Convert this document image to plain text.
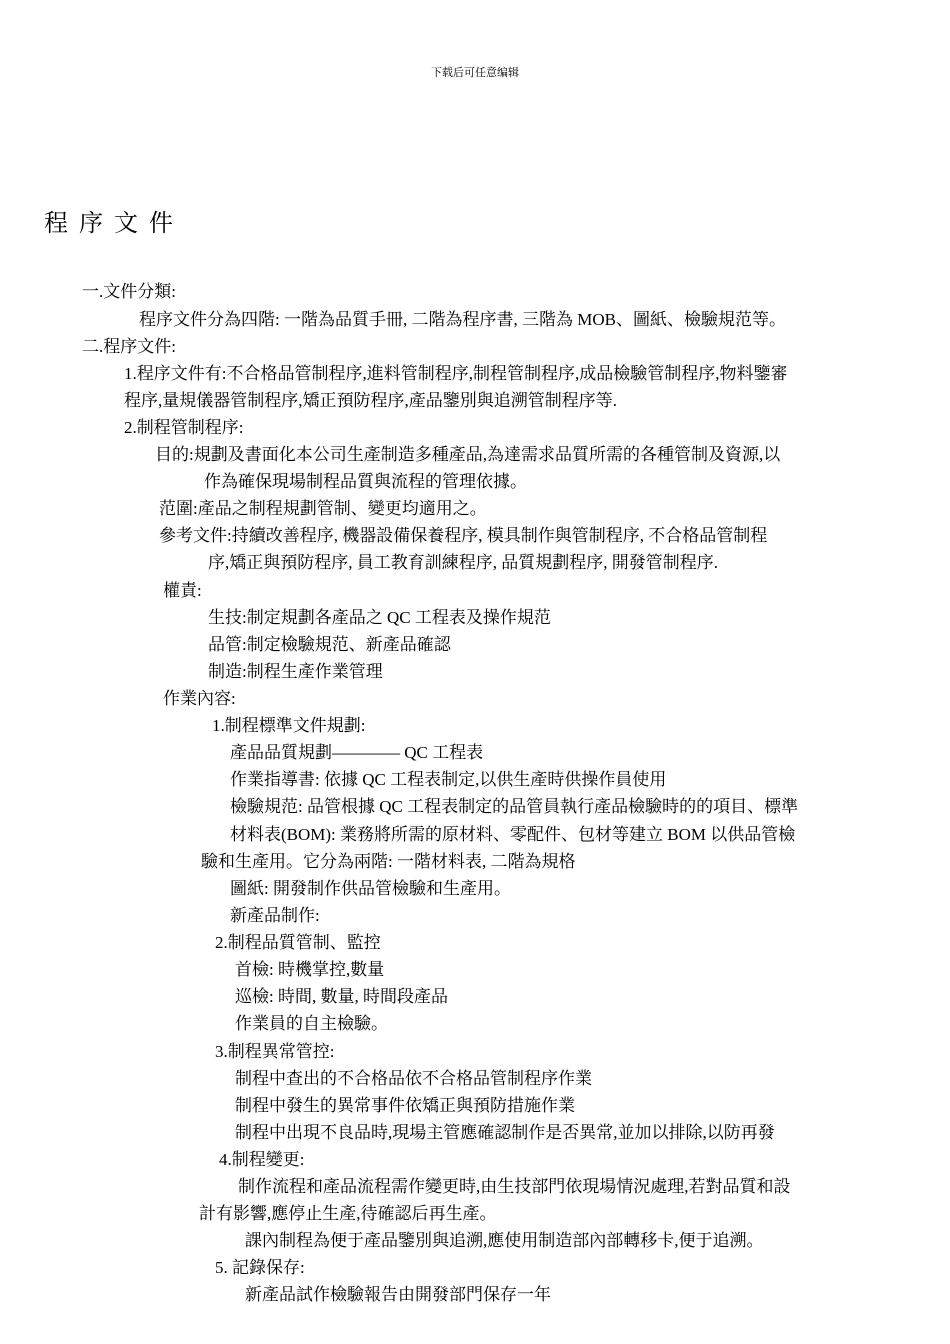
下载后可任意编辑
程序文件
一.文件分類:
程序文件分為四階: 一階為品質手冊, 二階為程序書, 三階為 MOB、圖紙、檢驗規范等。
二.程序文件:
1.程序文件有:不合格品管制程序,進料管制程序,制程管制程序,成品檢驗管制程序,物料鑒審
程序,量規儀器管制程序,矯正預防程序,產品鑒別與追溯管制程序等.
2.制程管制程序:
目的:規劃及書面化本公司生產制造多種產品,為達需求品質所需的各種管制及資源,以
作為確保現場制程品質與流程的管理依據。
范圍:產品之制程規劃管制、變更均適用之。
參考文件:持續改善程序, 機器設備保養程序, 模具制作與管制程序, 不合格品管制程
序,矯正與預防程序, 員工教育訓練程序, 品質規劃程序, 開發管制程序.
權責:
生技:制定規劃各產品之 QC 工程表及操作規范
品管:制定檢驗規范、新產品確認
制造:制程生產作業管理
作業內容:
1.制程標準文件規劃:
產品品質規劃———— QC 工程表
作業指導書: 依據 QC 工程表制定,以供生產時供操作員使用
檢驗規范: 品管根據 QC 工程表制定的品管員執行產品檢驗時的的項目、標準
材料表(BOM): 業務將所需的原材料、零配件、包材等建立 BOM 以供品管檢
驗和生產用。它分為兩階: 一階材料表, 二階為規格
圖紙: 開發制作供品管檢驗和生產用。
新產品制作:
2.制程品質管制、監控
首檢: 時機掌控,數量
巡檢: 時間, 數量, 時間段產品
作業員的自主檢驗。
3.制程異常管控:
制程中查出的不合格品依不合格品管制程序作業
制程中發生的異常事件依矯正與預防措施作業
制程中出現不良品時,現場主管應確認制作是否異常,並加以排除,以防再發
4.制程變更:
制作流程和產品流程需作變更時,由生技部門依現場情況處理,若對品質和設
計有影響,應停止生產,待確認后再生產。
課內制程為便于產品鑒別與追溯,應使用制造部內部轉移卡,便于追溯。
5. 記錄保存:
新產品試作檢驗報告由開發部門保存一年
